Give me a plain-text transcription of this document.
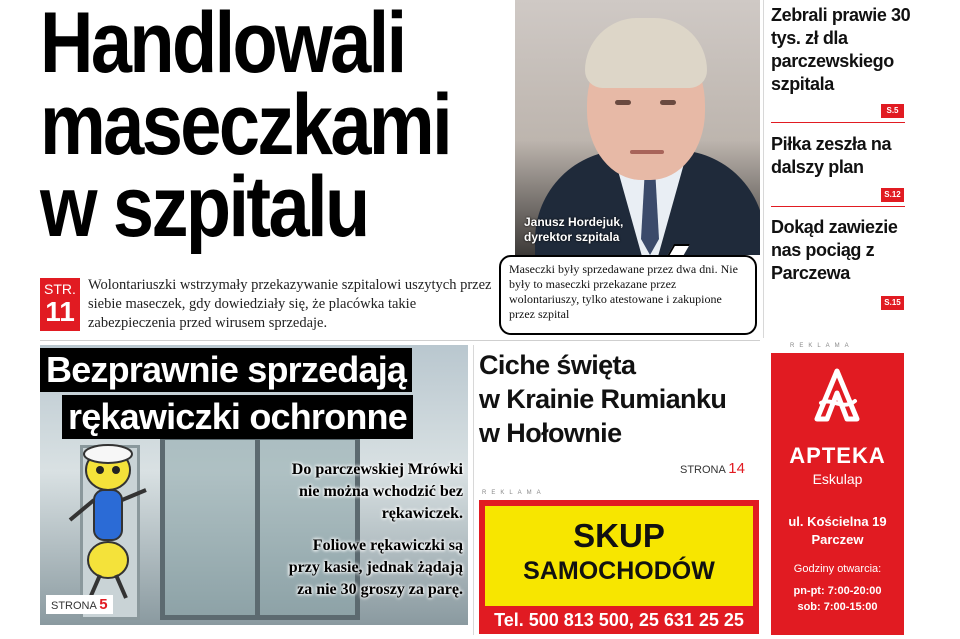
Handlowali
maseczkami
w szpitalu	Janusz Hordejuk,
dyrektor szpitala
Maseczki były sprzedawane przez dwa dni. Nie były to maseczki przekazane przez wolontariuszy, tylko atestowane i zakupione przez szpital
STR.
11
Wolontariuszki wstrzymały przekazywanie szpitalowi uszytych przez siebie maseczek, gdy dowiedziały się, że placówka takie zabezpieczenia przed wirusem sprzedaje.
Zebrali prawie 30 tys. zł dla parczewskiego szpitala
S.5
Piłka zeszła na dalszy plan
S.12
Dokąd zawiezie nas pociąg z Parczewa
S.15
Bezprawnie sprzedają
rękawiczki ochronne
Do parczewskiej Mrówki
nie można wchodzić bez
rękawiczek.
Foliowe rękawiczki są
przy kasie, jednak żądają
za nie 30 groszy za parę.
STRONA 5
Ciche święta
w Krainie Rumianku
w Hołownie
STRONA 14
REKLAMA
SKUP
SAMOCHODÓW
Tel. 500 813 500, 25 631 25 25
REKLAMA
APTEKA
Eskulap
ul. Kościelna 19
Parczew
Godziny otwarcia:
pn-pt: 7:00-20:00
sob: 7:00-15:00
